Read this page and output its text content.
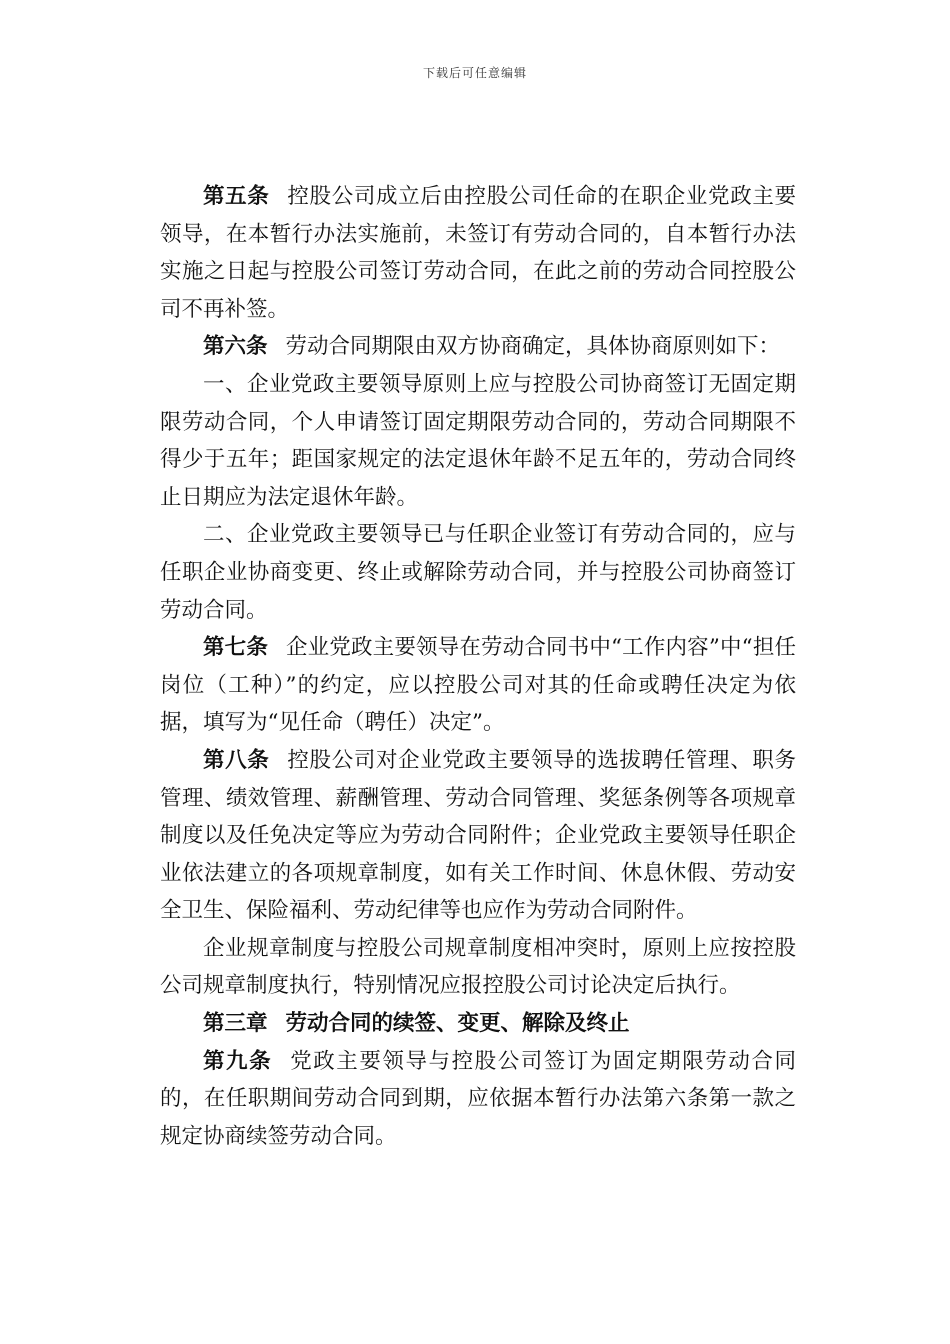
下载后可任意编辑

第五条 控股公司成立后由控股公司任命的在职企业党政主要领导，在本暂行办法实施前，未签订有劳动合同的，自本暂行办法实施之日起与控股公司签订劳动合同，在此之前的劳动合同控股公司不再补签。

第六条 劳动合同期限由双方协商确定，具体协商原则如下：

一、企业党政主要领导原则上应与控股公司协商签订无固定期限劳动合同，个人申请签订固定期限劳动合同的，劳动合同期限不得少于五年；距国家规定的法定退休年龄不足五年的，劳动合同终止日期应为法定退休年龄。

二、企业党政主要领导已与任职企业签订有劳动合同的，应与任职企业协商变更、终止或解除劳动合同，并与控股公司协商签订劳动合同。

第七条 企业党政主要领导在劳动合同书中“工作内容”中“担任岗位（工种）”的约定，应以控股公司对其的任命或聘任决定为依据，填写为“见任命（聘任）决定”。

第八条 控股公司对企业党政主要领导的选拔聘任管理、职务管理、绩效管理、薪酬管理、劳动合同管理、奖惩条例等各项规章制度以及任免决定等应为劳动合同附件；企业党政主要领导任职企业依法建立的各项规章制度，如有关工作时间、休息休假、劳动安全卫生、保险福利、劳动纪律等也应作为劳动合同附件。

企业规章制度与控股公司规章制度相冲突时，原则上应按控股公司规章制度执行，特别情况应报控股公司讨论决定后执行。

第三章 劳动合同的续签、变更、解除及终止

第九条 党政主要领导与控股公司签订为固定期限劳动合同的，在任职期间劳动合同到期，应依据本暂行办法第六条第一款之规定协商续签劳动合同。
